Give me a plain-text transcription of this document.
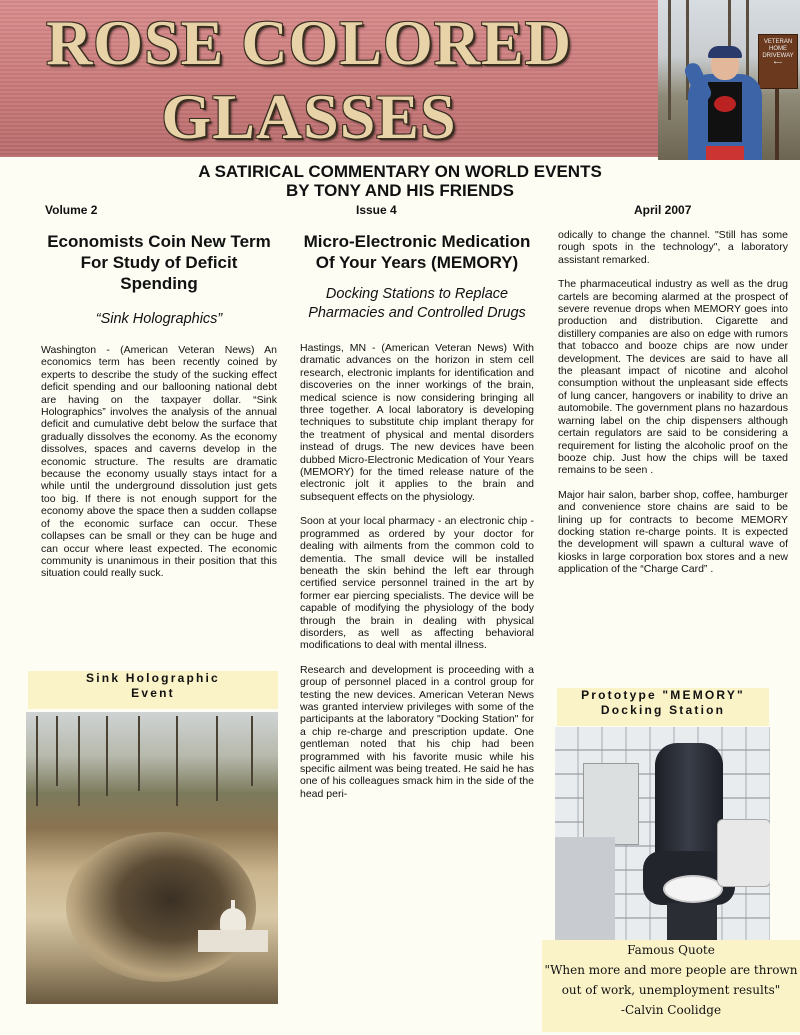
ROSE COLORED
GLASSES
VETERAN HOME DRIVEWAY ⟵
A SATIRICAL COMMENTARY ON WORLD EVENTS
BY TONY AND HIS FRIENDS
Volume 2	Issue 4	April 2007

Economists Coin New Term For Study of Deficit Spending

“Sink Holographics”

Washington - (American Veteran News) An economics term has been recently coined by experts to describe the study of the sucking effect deficit spending and our ballooning national debt are having on the taxpayer dollar. “Sink Holographics” involves the analysis of the annual deficit and cumulative debt below the surface that gradually dissolves the economy. As the economy dissolves, spaces and caverns develop in the economic structure. The results are dramatic because the economy usually stays intact for a while until the underground dissolution just gets too big. If there is not enough support for the economy above the space then a sudden collapse of the economic surface can occur. These collapses can be small or they can be huge and can occur where least expected. The economic community is unanimous in their position that this situation could really suck.

Sink Holographic
Event

Micro-Electronic Medication Of Your Years (MEMORY)

Docking Stations to Replace Pharmacies and Controlled Drugs

Hastings, MN - (American Veteran News) With dramatic advances on the horizon in stem cell research, electronic implants for identification and discoveries on the inner workings of the brain, medical science is now considering bringing all three together. A local laboratory is developing techniques to substitute chip implant therapy for the treatment of physical and mental disorders instead of drugs. The new devices have been dubbed Micro-Electronic Medication of Your Years (MEMORY) for the timed release nature of the electronic jolt it applies to the brain and subsequent effects on the physiology.

Soon at your local pharmacy - an electronic chip - programmed as ordered by your doctor for dealing with ailments from the common cold to dementia. The small device will be installed beneath the skin behind the left ear through certified service personnel trained in the art by former ear piercing specialists. The device will be capable of modifying the physiology of the body through the brain in dealing with physical disorders, as well as affecting behavioral modifications to deal with mental illness.

Research and development is proceeding with a group of personnel placed in a control group for testing the new devices. American Veteran News was granted interview privileges with some of the participants at the laboratory "Docking Station" for a chip re-charge and prescription update. One gentleman noted that his chip had been programmed with his favorite music while his specific ailment was being treated. He said he has one of his colleagues smack him in the side of the head peri-

odically to change the channel. "Still has some rough spots in the technology", a laboratory assistant remarked.

The pharmaceutical industry as well as the drug cartels are becoming alarmed at the prospect of severe revenue drops when MEMORY goes into production and distribution. Cigarette and distillery companies are also on edge with rumors that tobacco and booze chips are now under development. The devices are said to have all the pleasant impact of nicotine and alcohol consumption without the unpleasant side effects of lung cancer, hangovers or inability to drive an automobile. The government plans no hazardous warning label on the chip dispensers although certain regulators are said to be considering a requirement for listing the alcoholic proof on the booze chip. Just how the chips will be taxed remains to be seen .

Major hair salon, barber shop, coffee, hamburger and convenience store chains are said to be lining up for contracts to become MEMORY docking station re-charge points. It is expected the development will spawn a cultural wave of kiosks in large corporation box stores and a new application of the “Charge Card” .

Prototype "MEMORY"
Docking Station
Famous Quote
"When more and more people are thrown
out of work, unemployment results"
-Calvin Coolidge
